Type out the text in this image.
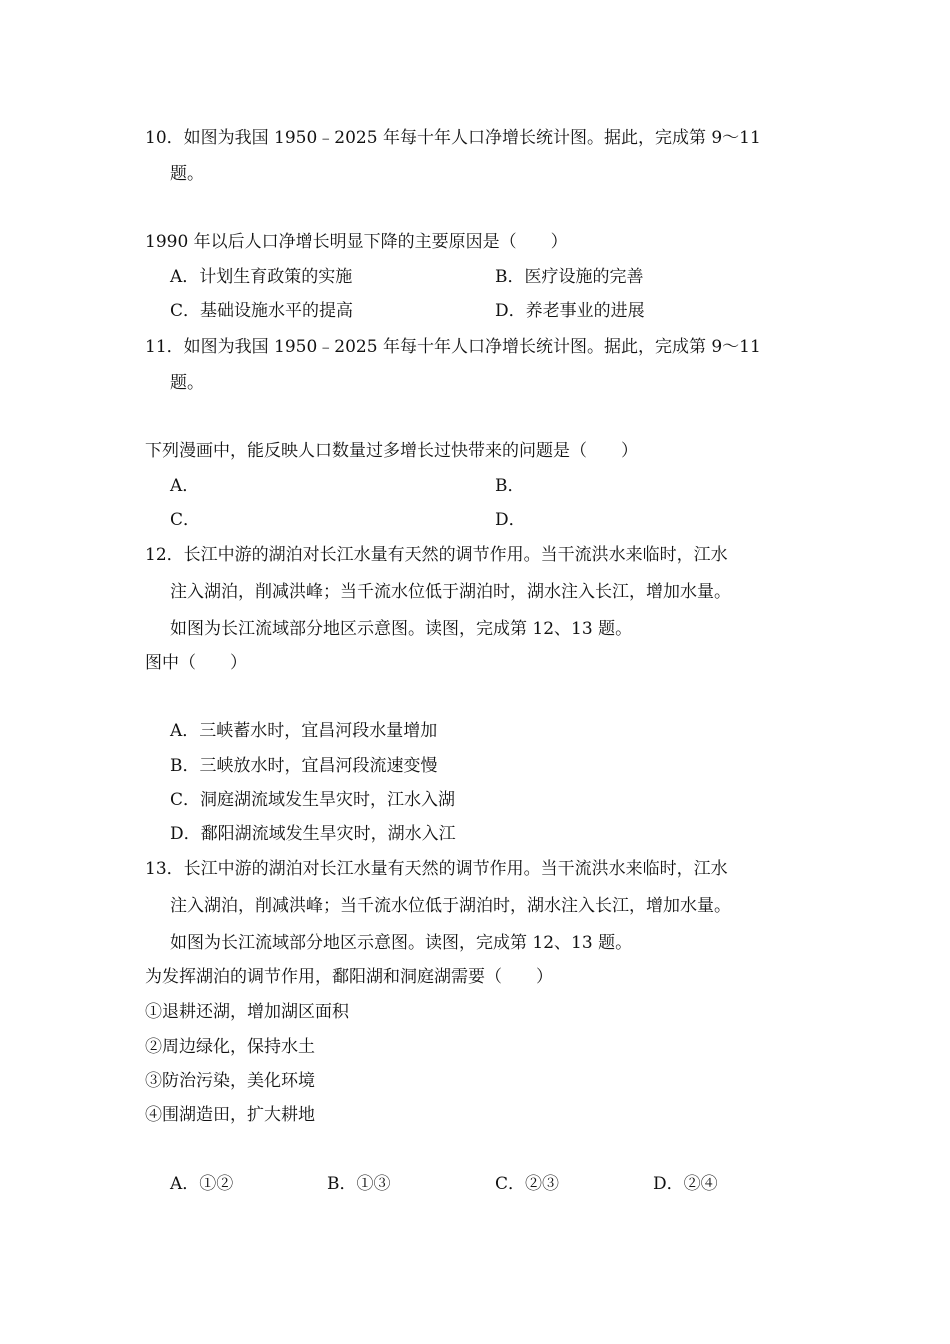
10．如图为我国 1950﹣2025 年每十年人口净增长统计图。据此，完成第 9～11
题。
1990 年以后人口净增长明显下降的主要原因是（　　）
A．计划生育政策的实施	B．医疗设施的完善
C．基础设施水平的提高	D．养老事业的进展
11．如图为我国 1950﹣2025 年每十年人口净增长统计图。据此，完成第 9～11
题。
下列漫画中，能反映人口数量过多增长过快带来的问题是（　　）
A．	B．
C．	D．
12．长江中游的湖泊对长江水量有天然的调节作用。当干流洪水来临时，江水
注入湖泊，削减洪峰；当千流水位低于湖泊时，湖水注入长江，增加水量。
如图为长江流域部分地区示意图。读图，完成第 12、13 题。
图中（　　）
A．三峡蓄水时，宜昌河段水量增加
B．三峡放水时，宜昌河段流速变慢
C．洞庭湖流域发生旱灾时，江水入湖
D．鄱阳湖流域发生旱灾时，湖水入江
13．长江中游的湖泊对长江水量有天然的调节作用。当干流洪水来临时，江水
注入湖泊，削减洪峰；当千流水位低于湖泊时，湖水注入长江，增加水量。
如图为长江流域部分地区示意图。读图，完成第 12、13 题。
为发挥湖泊的调节作用，鄱阳湖和洞庭湖需要（　　）
①退耕还湖，增加湖区面积
②周边绿化，保持水土
③防治污染，美化环境
④围湖造田，扩大耕地
A．①②	B．①③	C．②③	D．②④
